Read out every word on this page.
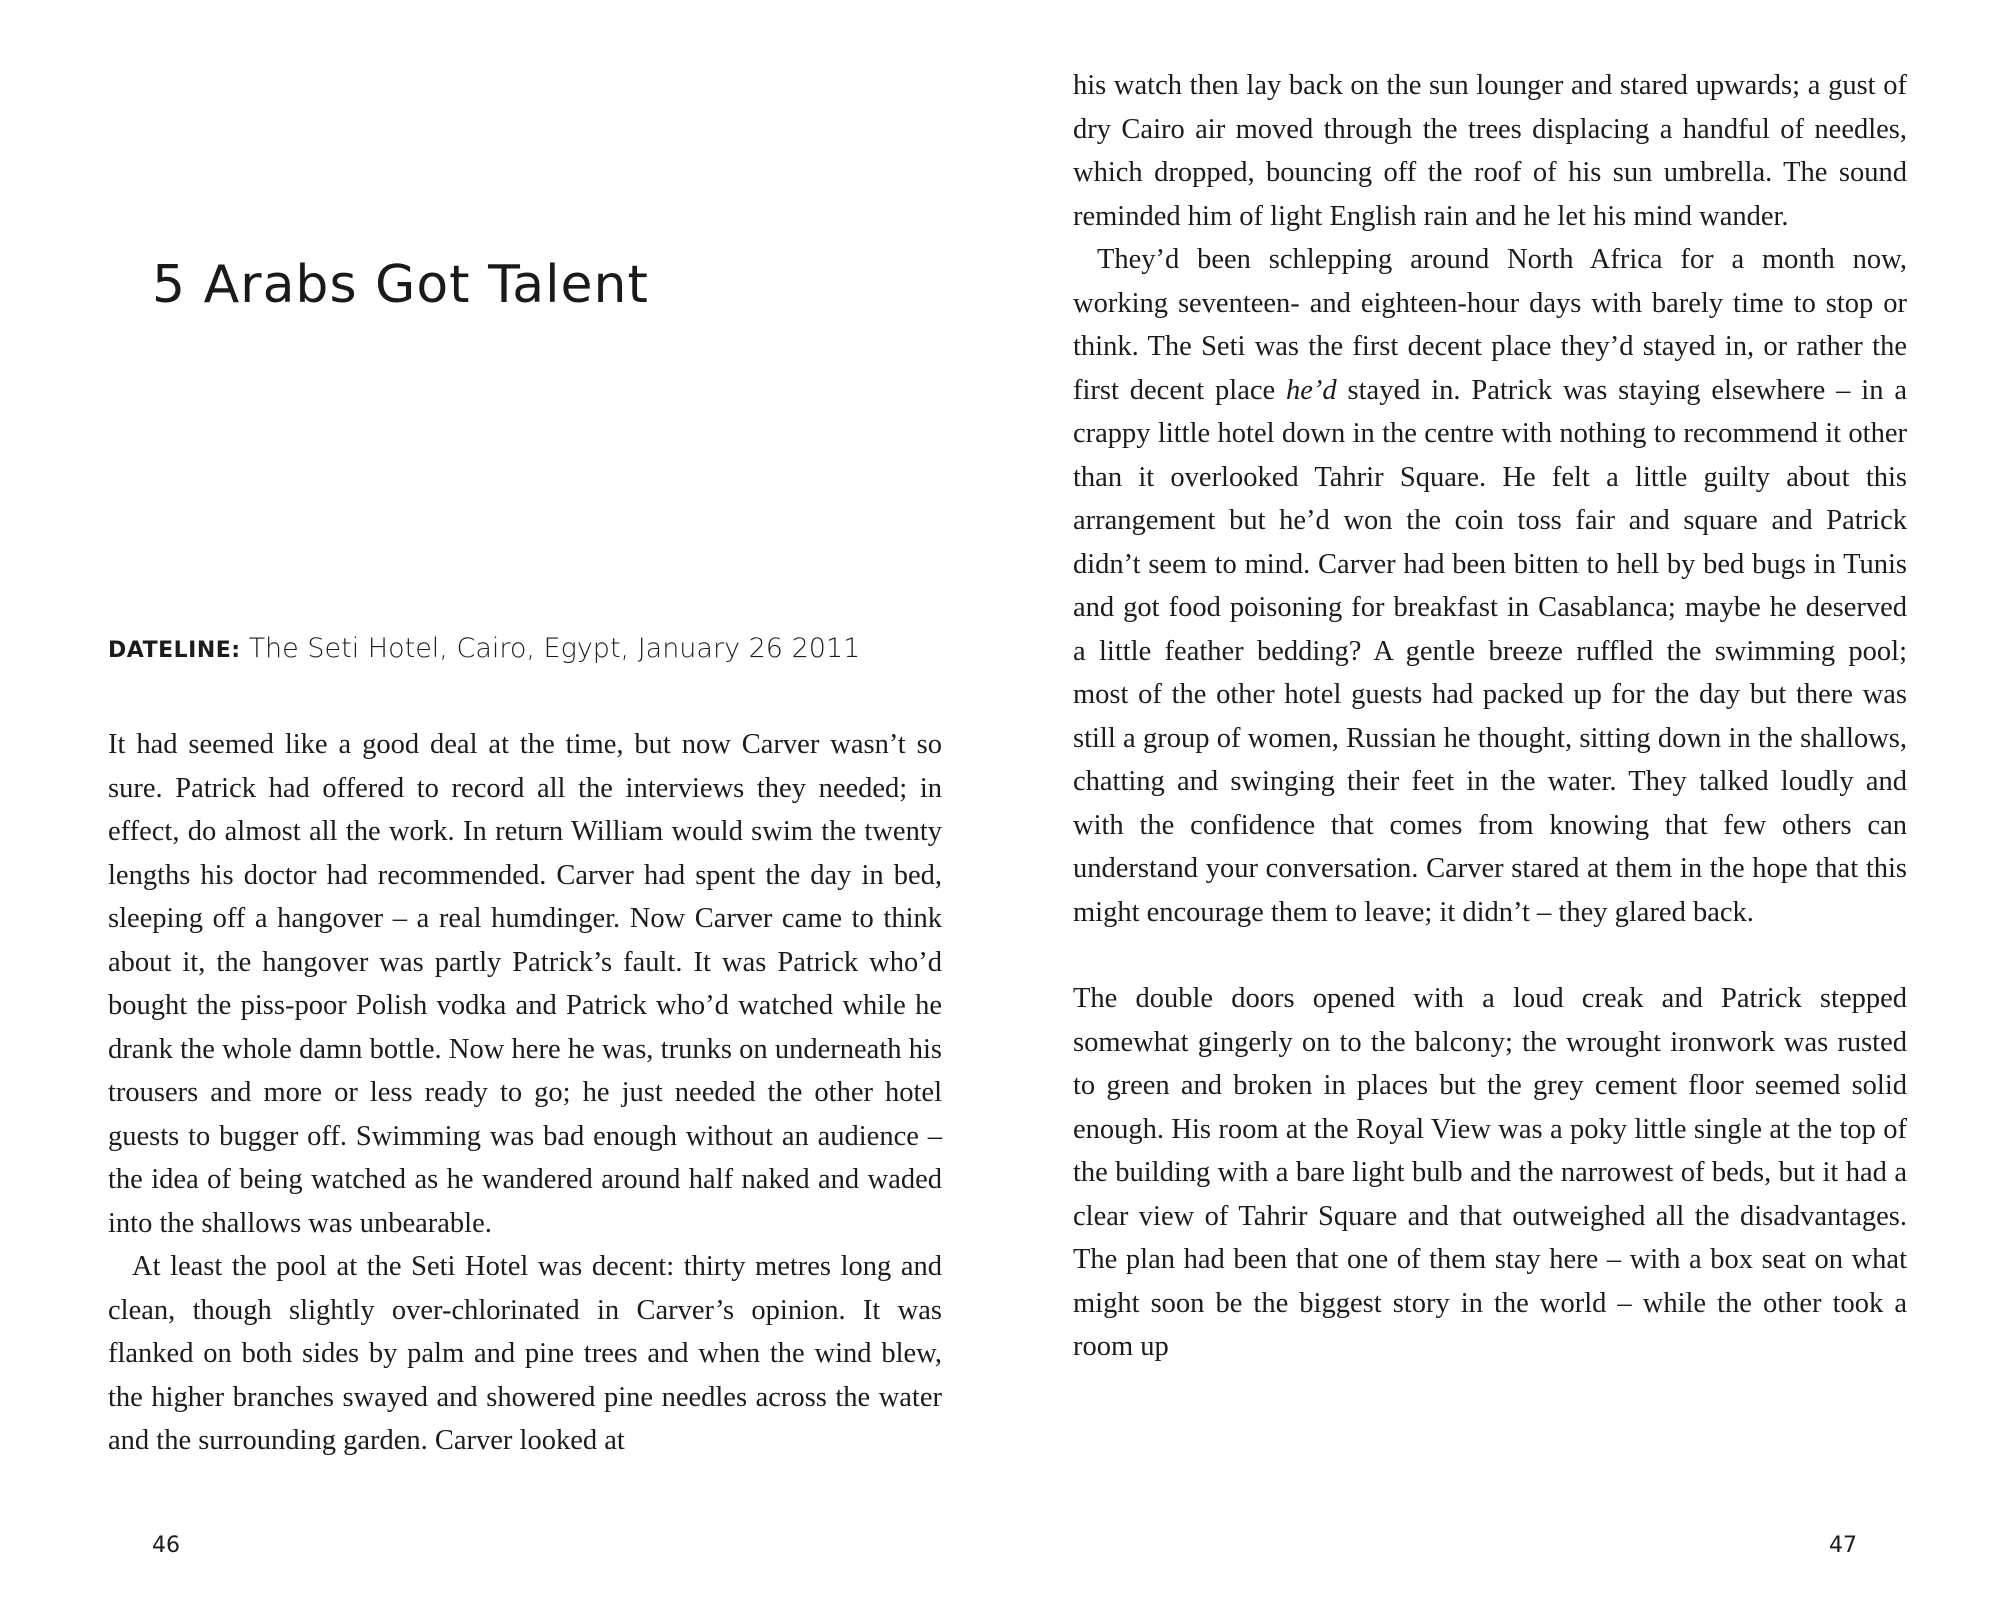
5 Arabs Got Talent
DATELINE: The Seti Hotel, Cairo, Egypt, January 26 2011

It had seemed like a good deal at the time, but now Carver wasn’t so sure. Patrick had offered to record all the interviews they needed; in effect, do almost all the work. In return William would swim the twenty lengths his doctor had recommended. Carver had spent the day in bed, sleeping off a hangover – a real humdinger. Now Carver came to think about it, the hangover was partly Patrick’s fault. It was Patrick who’d bought the piss-poor Polish vodka and Patrick who’d watched while he drank the whole damn bottle. Now here he was, trunks on underneath his trousers and more or less ready to go; he just needed the other hotel guests to bugger off. Swimming was bad enough without an audience – the idea of being watched as he wandered around half naked and waded into the shallows was unbearable.

At least the pool at the Seti Hotel was decent: thirty metres long and clean, though slightly over-chlorinated in Carver’s opinion. It was flanked on both sides by palm and pine trees and when the wind blew, the higher branches swayed and showered pine needles across the water and the surrounding garden. Carver looked at

46

his watch then lay back on the sun lounger and stared upwards; a gust of dry Cairo air moved through the trees displacing a handful of needles, which dropped, bouncing off the roof of his sun umbrella. The sound reminded him of light English rain and he let his mind wander.

They’d been schlepping around North Africa for a month now, working seventeen- and eighteen-hour days with barely time to stop or think. The Seti was the first decent place they’d stayed in, or rather the first decent place he’d stayed in. Patrick was staying elsewhere – in a crappy little hotel down in the centre with nothing to recommend it other than it overlooked Tahrir Square. He felt a little guilty about this arrangement but he’d won the coin toss fair and square and Patrick didn’t seem to mind. Carver had been bitten to hell by bed bugs in Tunis and got food poisoning for breakfast in Casablanca; maybe he deserved a little feather bedding? A gentle breeze ruffled the swimming pool; most of the other hotel guests had packed up for the day but there was still a group of women, Russian he thought, sitting down in the shallows, chatting and swinging their feet in the water. They talked loudly and with the confidence that comes from knowing that few others can understand your conversation. Carver stared at them in the hope that this might encourage them to leave; it didn’t – they glared back.

The double doors opened with a loud creak and Patrick stepped somewhat gingerly on to the balcony; the wrought ironwork was rusted to green and broken in places but the grey cement floor seemed solid enough. His room at the Royal View was a poky little single at the top of the building with a bare light bulb and the narrowest of beds, but it had a clear view of Tahrir Square and that outweighed all the disadvantages. The plan had been that one of them stay here – with a box seat on what might soon be the biggest story in the world – while the other took a room up

47
